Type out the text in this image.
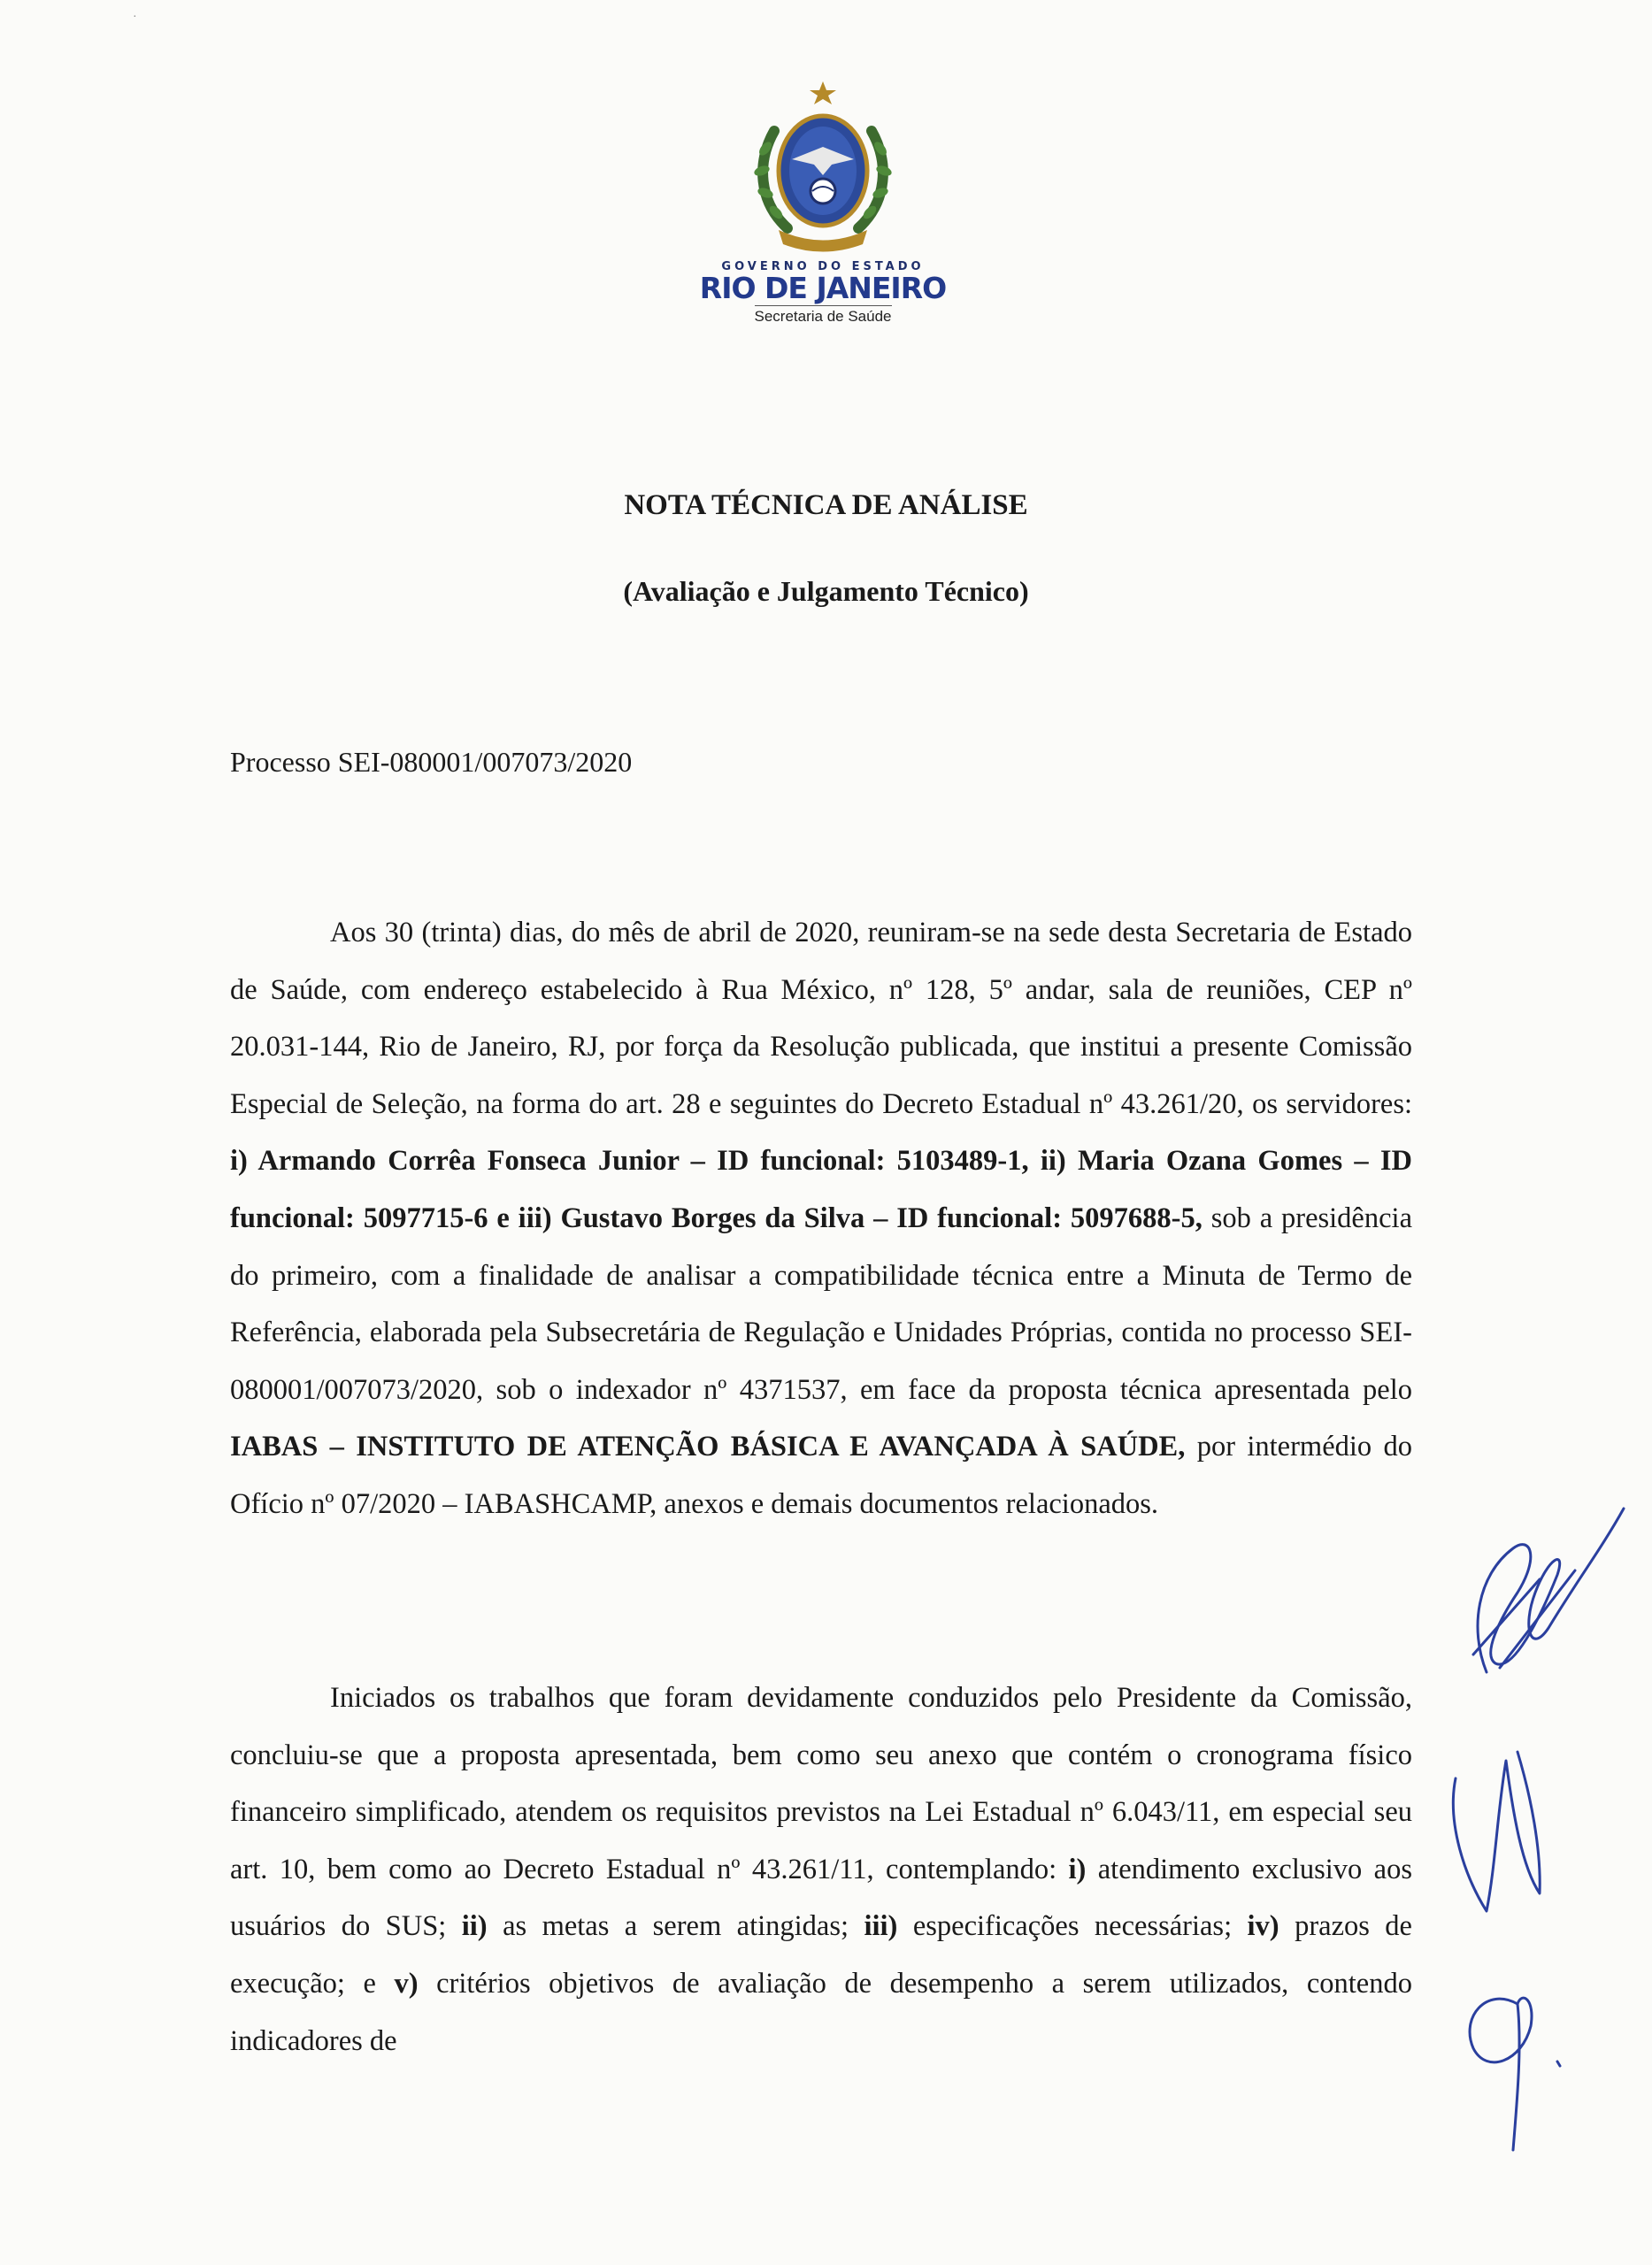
·
GOVERNO DO ESTADO
RIO DE JANEIRO
Secretaria de Saúde
NOTA TÉCNICA DE ANÁLISE
(Avaliação e Julgamento Técnico)

Processo SEI-080001/007073/2020

Aos 30 (trinta) dias, do mês de abril de 2020, reuniram-se na sede desta Secretaria de Estado de Saúde, com endereço estabelecido à Rua México, nº 128, 5º andar, sala de reuniões, CEP nº 20.031-144, Rio de Janeiro, RJ, por força da Resolução publicada, que institui a presente Comissão Especial de Seleção, na forma do art. 28 e seguintes do Decreto Estadual nº 43.261/20, os servidores: i) Armando Corrêa Fonseca Junior – ID funcional: 5103489-1, ii) Maria Ozana Gomes – ID funcional: 5097715-6 e iii) Gustavo Borges da Silva – ID funcional: 5097688-5, sob a presidência do primeiro, com a finalidade de analisar a compatibilidade técnica entre a Minuta de Termo de Referência, elaborada pela Subsecretária de Regulação e Unidades Próprias, contida no processo SEI-080001/007073/2020, sob o indexador nº 4371537, em face da proposta técnica apresentada pelo IABAS – INSTITUTO DE ATENÇÃO BÁSICA E AVANÇADA À SAÚDE, por intermédio do Ofício nº 07/2020 – IABASHCAMP, anexos e demais documentos relacionados.

Iniciados os trabalhos que foram devidamente conduzidos pelo Presidente da Comissão, concluiu-se que a proposta apresentada, bem como seu anexo que contém o cronograma físico financeiro simplificado, atendem os requisitos previstos na Lei Estadual nº 6.043/11, em especial seu art. 10, bem como ao Decreto Estadual nº 43.261/11, contemplando: i) atendimento exclusivo aos usuários do SUS; ii) as metas a serem atingidas; iii) especificações necessárias; iv) prazos de execução; e v) critérios objetivos de avaliação de desempenho a serem utilizados, contendo indicadores de
